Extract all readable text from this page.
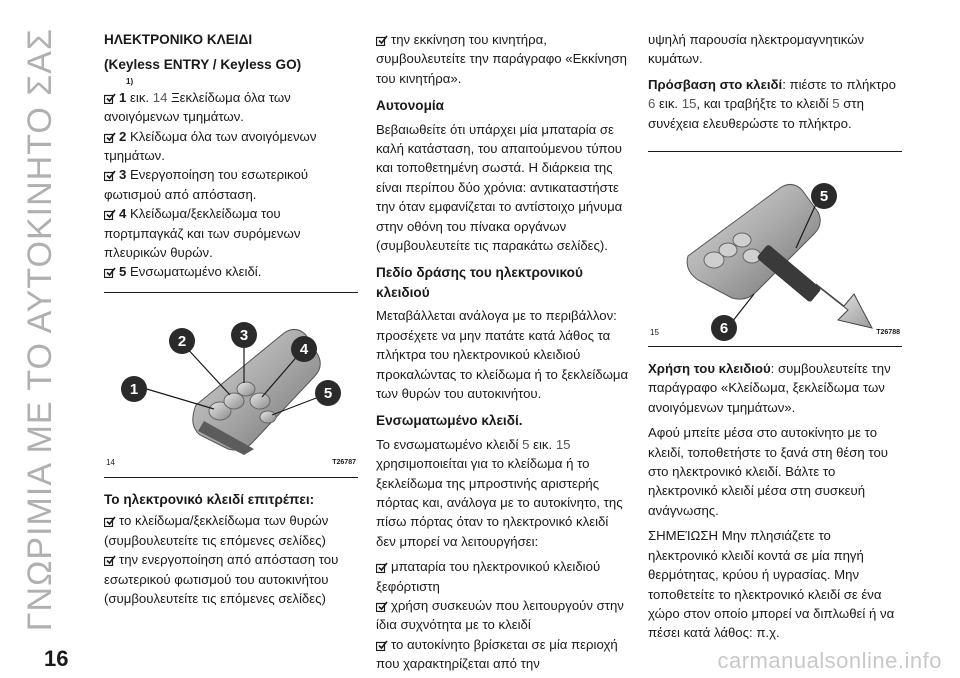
ΓΝΩΡΙΜΙΑ ΜΕ ΤΟ ΑΥΤΟΚΙΝΗΤΟ ΣΑΣ
16	carmanualsonline.info
ΗΛΕΚΤΡΟΝΙΚΟ ΚΛΕΙΔΙ
(Keyless ENTRY / Keyless GO)
1)
1 εικ. 14 Ξεκλείδωμα όλα των ανοιγόμενων τμημάτων.
2 Κλείδωμα όλα των ανοιγόμενων τμημάτων.
3 Ενεργοποίηση του εσωτερικού φωτισμού από απόσταση.
4 Κλείδωμα/ξεκλείδωμα του πορτμπαγκάζ και των συρόμενων πλευρικών θυρών.
5 Ενσωματωμένο κλειδί.
1
2	3
4
5
14	T26787
Το ηλεκτρονικό κλειδί επιτρέπει:
το κλείδωμα/ξεκλείδωμα των θυρών (συμβουλευτείτε τις επόμενες σελίδες)
την ενεργοποίηση από απόσταση του εσωτερικού φωτισμού του αυτοκινήτου (συμβουλευτείτε τις επόμενες σελίδες)
την εκκίνηση του κινητήρα, συμβουλευτείτε την παράγραφο «Εκκίνηση του κινητήρα».
Αυτονομία
Βεβαιωθείτε ότι υπάρχει μία μπαταρία σε καλή κατάσταση, του απαιτούμενου τύπου και τοποθετημένη σωστά. Η διάρκεια της είναι περίπου δύο χρόνια: αντικαταστήστε την όταν εμφανίζεται το αντίστοιχο μήνυμα στην οθόνη του πίνακα οργάνων (συμβουλευτείτε τις παρακάτω σελίδες).
Πεδίο δράσης του ηλεκτρονικού κλειδιού
Μεταβάλλεται ανάλογα με το περιβάλλον: προσέχετε να μην πατάτε κατά λάθος τα πλήκτρα του ηλεκτρονικού κλειδιού προκαλώντας το κλείδωμα ή το ξεκλείδωμα των θυρών του αυτοκινήτου.
Ενσωματωμένο κλειδί.
Το ενσωματωμένο κλειδί 5 εικ. 15 χρησιμοποιείται για το κλείδωμα ή το ξεκλείδωμα της μπροστινής αριστερής πόρτας και, ανάλογα με το αυτοκίνητο, της πίσω πόρτας όταν το ηλεκτρονικό κλειδί δεν μπορεί να λειτουργήσει:
μπαταρία του ηλεκτρονικού κλειδιού ξεφόρτιστη
χρήση συσκευών που λειτουργούν στην ίδια συχνότητα με το κλειδί
το αυτοκίνητο βρίσκεται σε μία περιοχή που χαρακτηρίζεται από την
υψηλή παρουσία ηλεκτρομαγνητικών κυμάτων.
Πρόσβαση στο κλειδί: πιέστε το πλήκτρο 6 εικ. 15, και τραβήξτε το κλειδί 5 στη συνέχεια ελευθερώστε το πλήκτρο.
5
6
15	T26788
Χρήση του κλειδιού: συμβουλευτείτε την παράγραφο «Κλείδωμα, ξεκλείδωμα των ανοιγόμενων τμημάτων».
Αφού μπείτε μέσα στο αυτοκίνητο με το κλειδί, τοποθετήστε το ξανά στη θέση του στο ηλεκτρονικό κλειδί. Βάλτε το ηλεκτρονικό κλειδί μέσα στη συσκευή ανάγνωσης.
ΣΗΜΕΊΩΣΗ Μην πλησιάζετε το ηλεκτρονικό κλειδί κοντά σε μία πηγή θερμότητας, κρύου ή υγρασίας. Μην τοποθετείτε το ηλεκτρονικό κλειδί σε ένα χώρο στον οποίο μπορεί να διπλωθεί ή να πέσει κατά λάθος: π.χ.
